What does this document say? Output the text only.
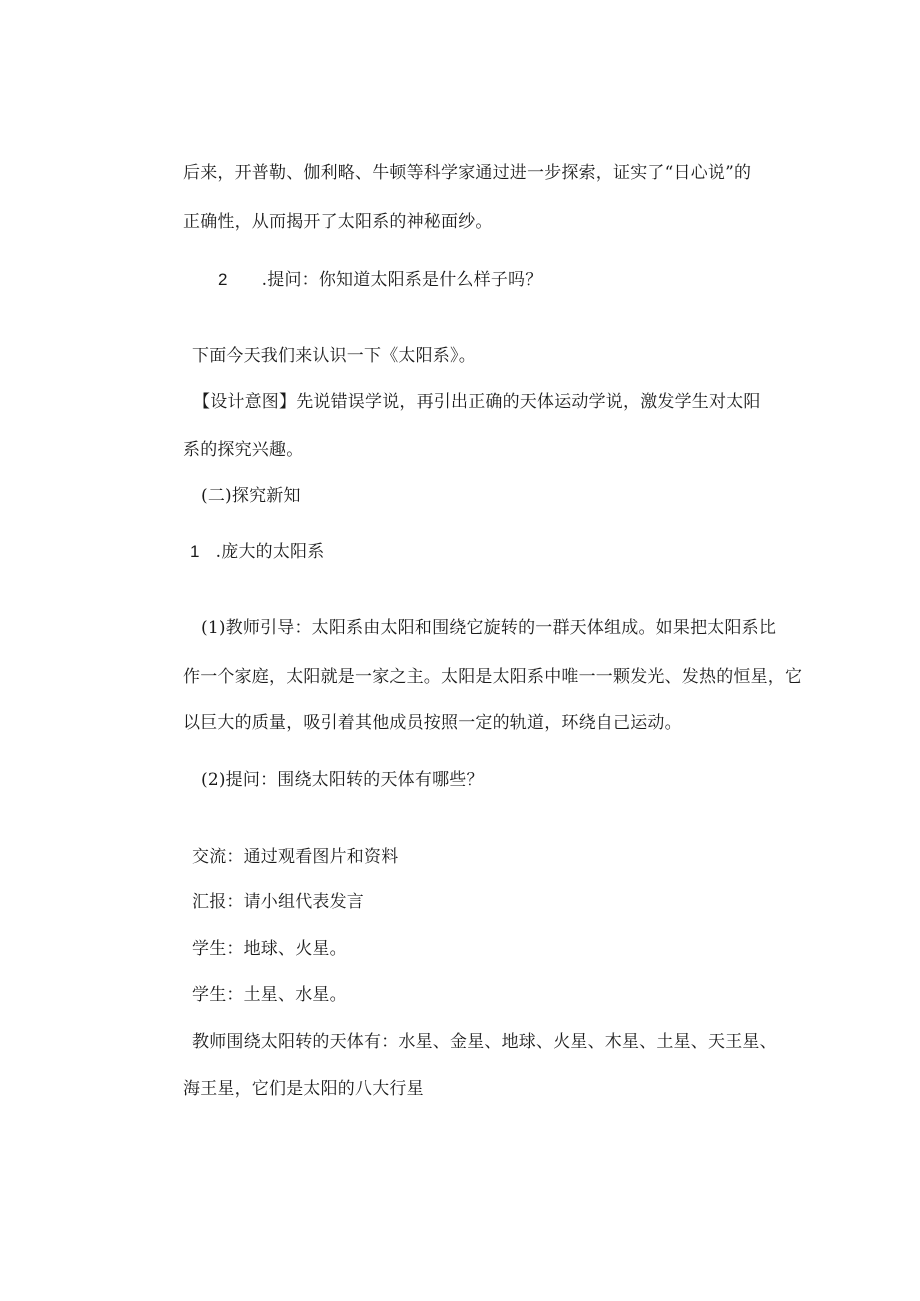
后来，开普勒、伽利略、牛顿等科学家通过进一步探索，证实了“日心说”的
正确性，从而揭开了太阳系的神秘面纱。
2 .提问：你知道太阳系是什么样子吗？
下面今天我们来认识一下《太阳系》。
【设计意图】先说错误学说，再引出正确的天体运动学说，激发学生对太阳
系的探究兴趣。
(二)探究新知
1 .庞大的太阳系
(1)教师引导：太阳系由太阳和围绕它旋转的一群天体组成。如果把太阳系比
作一个家庭，太阳就是一家之主。太阳是太阳系中唯一一颗发光、发热的恒星，它
以巨大的质量，吸引着其他成员按照一定的轨道，环绕自己运动。
(2)提问：围绕太阳转的天体有哪些？
交流：通过观看图片和资料
汇报：请小组代表发言
学生：地球、火星。
学生：土星、水星。
教师围绕太阳转的天体有：水星、金星、地球、火星、木星、土星、天王星、
海王星，它们是太阳的八大行星
